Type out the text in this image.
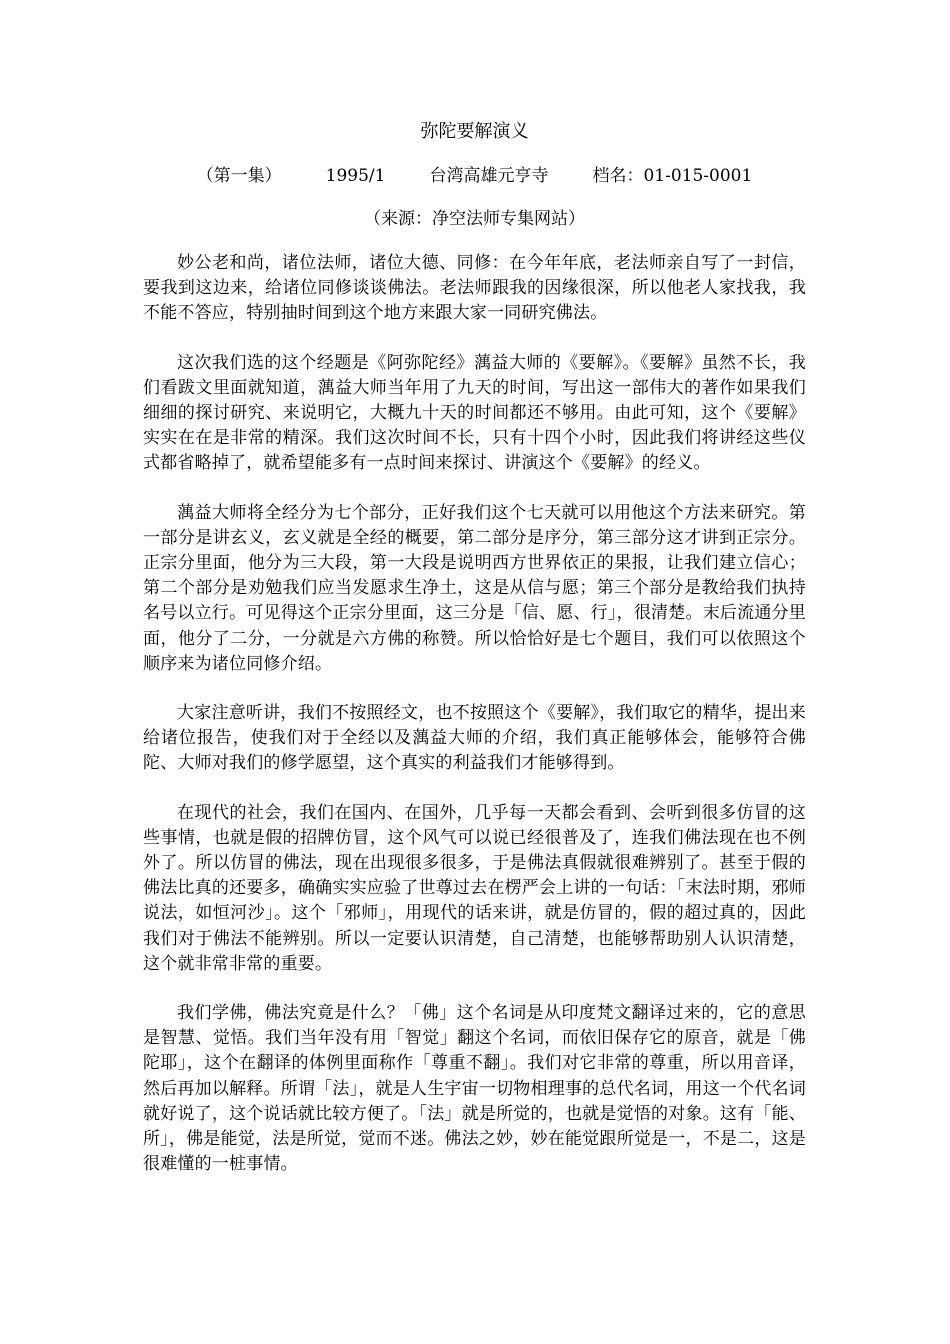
弥陀要解演义
（第一集）	1995/1	台湾高雄元亨寺	档名：01-015-0001
（来源：净空法师专集网站）

妙公老和尚，诸位法师，诸位大德、同修：在今年年底，老法师亲自写了一封信，要我到这边来，给诸位同修谈谈佛法。老法师跟我的因缘很深，所以他老人家找我，我不能不答应，特别抽时间到这个地方来跟大家一同研究佛法。

这次我们选的这个经题是《阿弥陀经》蕅益大师的《要解》。《要解》虽然不长，我们看跋文里面就知道，蕅益大师当年用了九天的时间，写出这一部伟大的著作如果我们细细的探讨研究、来说明它，大概九十天的时间都还不够用。由此可知，这个《要解》实实在在是非常的精深。我们这次时间不长，只有十四个小时，因此我们将讲经这些仪式都省略掉了，就希望能多有一点时间来探讨、讲演这个《要解》的经义。

蕅益大师将全经分为七个部分，正好我们这个七天就可以用他这个方法来研究。第一部分是讲玄义，玄义就是全经的概要，第二部分是序分，第三部分这才讲到正宗分。正宗分里面，他分为三大段，第一大段是说明西方世界依正的果报，让我们建立信心；第二个部分是劝勉我们应当发愿求生净土，这是从信与愿；第三个部分是教给我们执持名号以立行。可见得这个正宗分里面，这三分是「信、愿、行」，很清楚。末后流通分里面，他分了二分，一分就是六方佛的称赞。所以恰恰好是七个题目，我们可以依照这个顺序来为诸位同修介绍。

大家注意听讲，我们不按照经文，也不按照这个《要解》，我们取它的精华，提出来给诸位报告，使我们对于全经以及蕅益大师的介绍，我们真正能够体会，能够符合佛陀、大师对我们的修学愿望，这个真实的利益我们才能够得到。

在现代的社会，我们在国内、在国外，几乎每一天都会看到、会听到很多仿冒的这些事情，也就是假的招牌仿冒，这个风气可以说已经很普及了，连我们佛法现在也不例外了。所以仿冒的佛法，现在出现很多很多，于是佛法真假就很难辨别了。甚至于假的佛法比真的还要多，确确实实应验了世尊过去在楞严会上讲的一句话：「末法时期，邪师说法，如恒河沙」。这个「邪师」，用现代的话来讲，就是仿冒的，假的超过真的，因此我们对于佛法不能辨别。所以一定要认识清楚，自己清楚，也能够帮助别人认识清楚，这个就非常非常的重要。

我们学佛，佛法究竟是什么？「佛」这个名词是从印度梵文翻译过来的，它的意思是智慧、觉悟。我们当年没有用「智觉」翻这个名词，而依旧保存它的原音，就是「佛陀耶」，这个在翻译的体例里面称作「尊重不翻」。我们对它非常的尊重，所以用音译，然后再加以解释。所谓「法」，就是人生宇宙一切物相理事的总代名词，用这一个代名词就好说了，这个说话就比较方便了。「法」就是所觉的，也就是觉悟的对象。这有「能、所」，佛是能觉，法是所觉，觉而不迷。佛法之妙，妙在能觉跟所觉是一，不是二，这是很难懂的一桩事情。
